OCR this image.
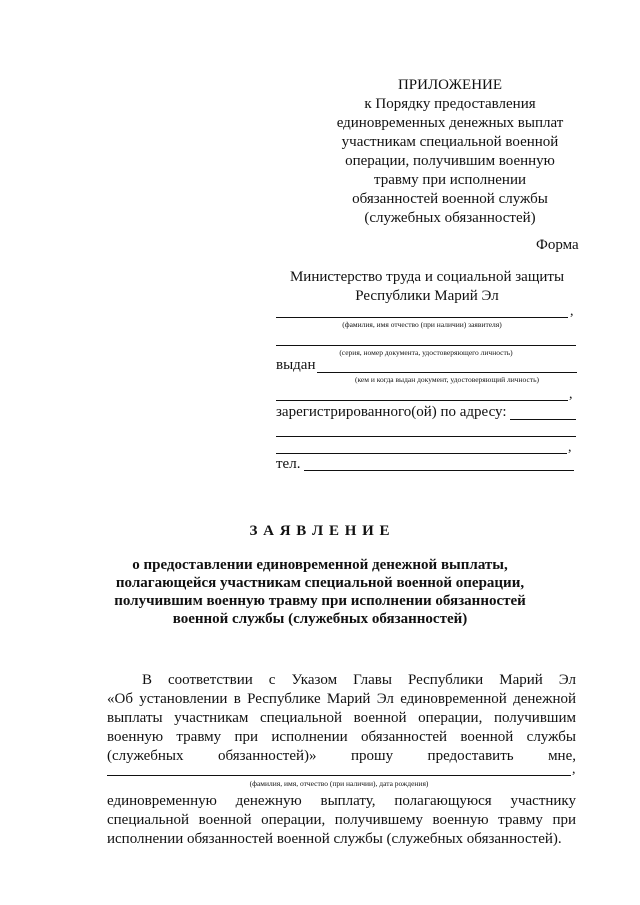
ПРИЛОЖЕНИЕ
к Порядку предоставления
единовременных денежных выплат
участникам специальной военной
операции, получившим военную
травму при исполнении
обязанностей военной службы
(служебных обязанностей)
Форма
Министерство труда и социальной защиты
Республики Марий Эл
,
(фамилия, имя отчество (при наличии) заявителя)
(серия, номер документа, удостоверяющего личность)
выдан
(кем и когда выдан документ, удостоверяющий личность)
,
зарегистрированного(ой) по адресу:
,
тел.
З А Я В Л Е Н И Е
о предоставлении единовременной денежной выплаты,
полагающейся участникам специальной военной операции,
получившим военную травму при исполнении обязанностей
военной службы (служебных обязанностей)
В соответствии с Указом Главы Республики Марий Эл
«Об установлении в Республике Марий Эл единовременной денежной
выплаты участникам специальной военной операции, получившим
военную травму при исполнении обязанностей военной службы
(служебных обязанностей)» прошу предоставить мне,
,
(фамилия, имя, отчество (при наличии), дата рождения)
единовременную денежную выплату, полагающуюся участнику
специальной военной операции, получившему военную травму при
исполнении обязанностей военной службы (служебных обязанностей).
